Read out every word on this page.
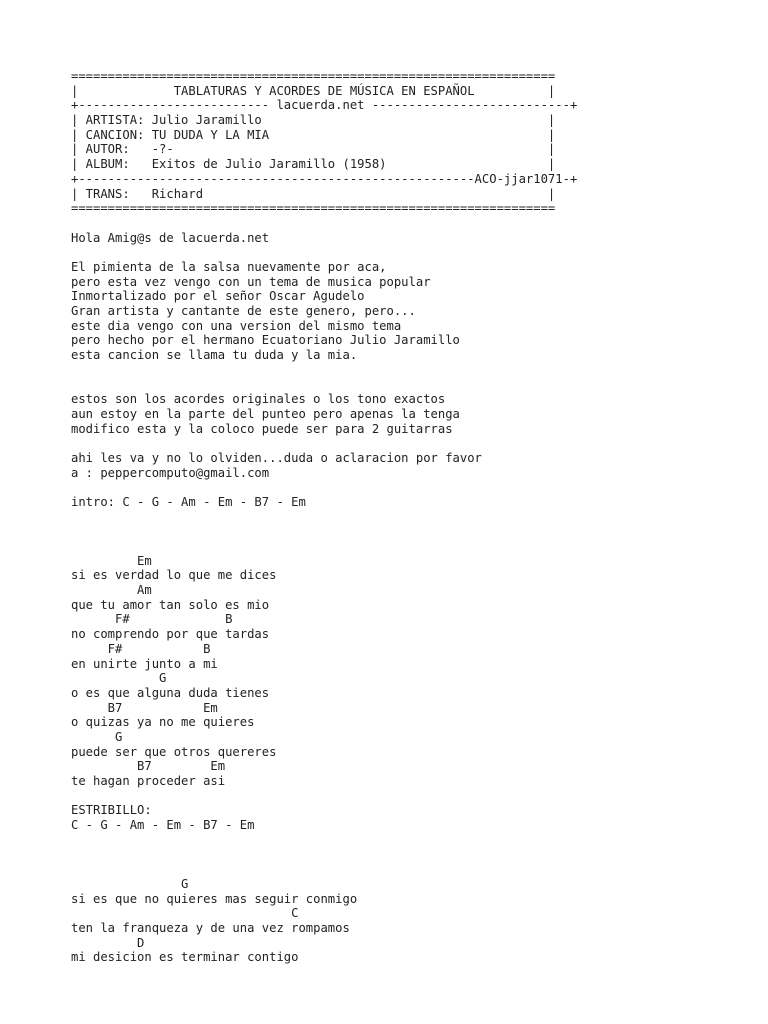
==================================================================
|             TABLATURAS Y ACORDES DE MÚSICA EN ESPAÑOL          |
+-------------------------- lacuerda.net ---------------------------+
| ARTISTA: Julio Jaramillo                                       |
| CANCION: TU DUDA Y LA MIA                                      |
| AUTOR:   -?-                                                   |
| ALBUM:   Exitos de Julio Jaramillo (1958)                      |
+------------------------------------------------------ACO-jjar1071-+
| TRANS:   Richard                                               |
==================================================================
Hola Amig@s de lacuerda.net
El pimienta de la salsa nuevamente por aca,
pero esta vez vengo con un tema de musica popular
Inmortalizado por el señor Oscar Agudelo
Gran artista y cantante de este genero, pero...
este dia vengo con una version del mismo tema
pero hecho por el hermano Ecuatoriano Julio Jaramillo
esta cancion se llama tu duda y la mia.
estos son los acordes originales o los tono exactos
aun estoy en la parte del punteo pero apenas la tenga
modifico esta y la coloco puede ser para 2 guitarras
ahi les va y no lo olviden...duda o aclaracion por favor
a : peppercomputo@gmail.com
intro: C - G - Am - Em - B7 - Em
Em
si es verdad lo que me dices
Am
que tu amor tan solo es mio
F#             B
no comprendo por que tardas
F#           B
en unirte junto a mi
G
o es que alguna duda tienes
B7           Em
o quizas ya no me quieres
G
puede ser que otros quereres
B7        Em
te hagan proceder asi
ESTRIBILLO:
C - G - Am - Em - B7 - Em
G
si es que no quieres mas seguir conmigo
C
ten la franqueza y de una vez rompamos
D
mi desicion es terminar contigo
